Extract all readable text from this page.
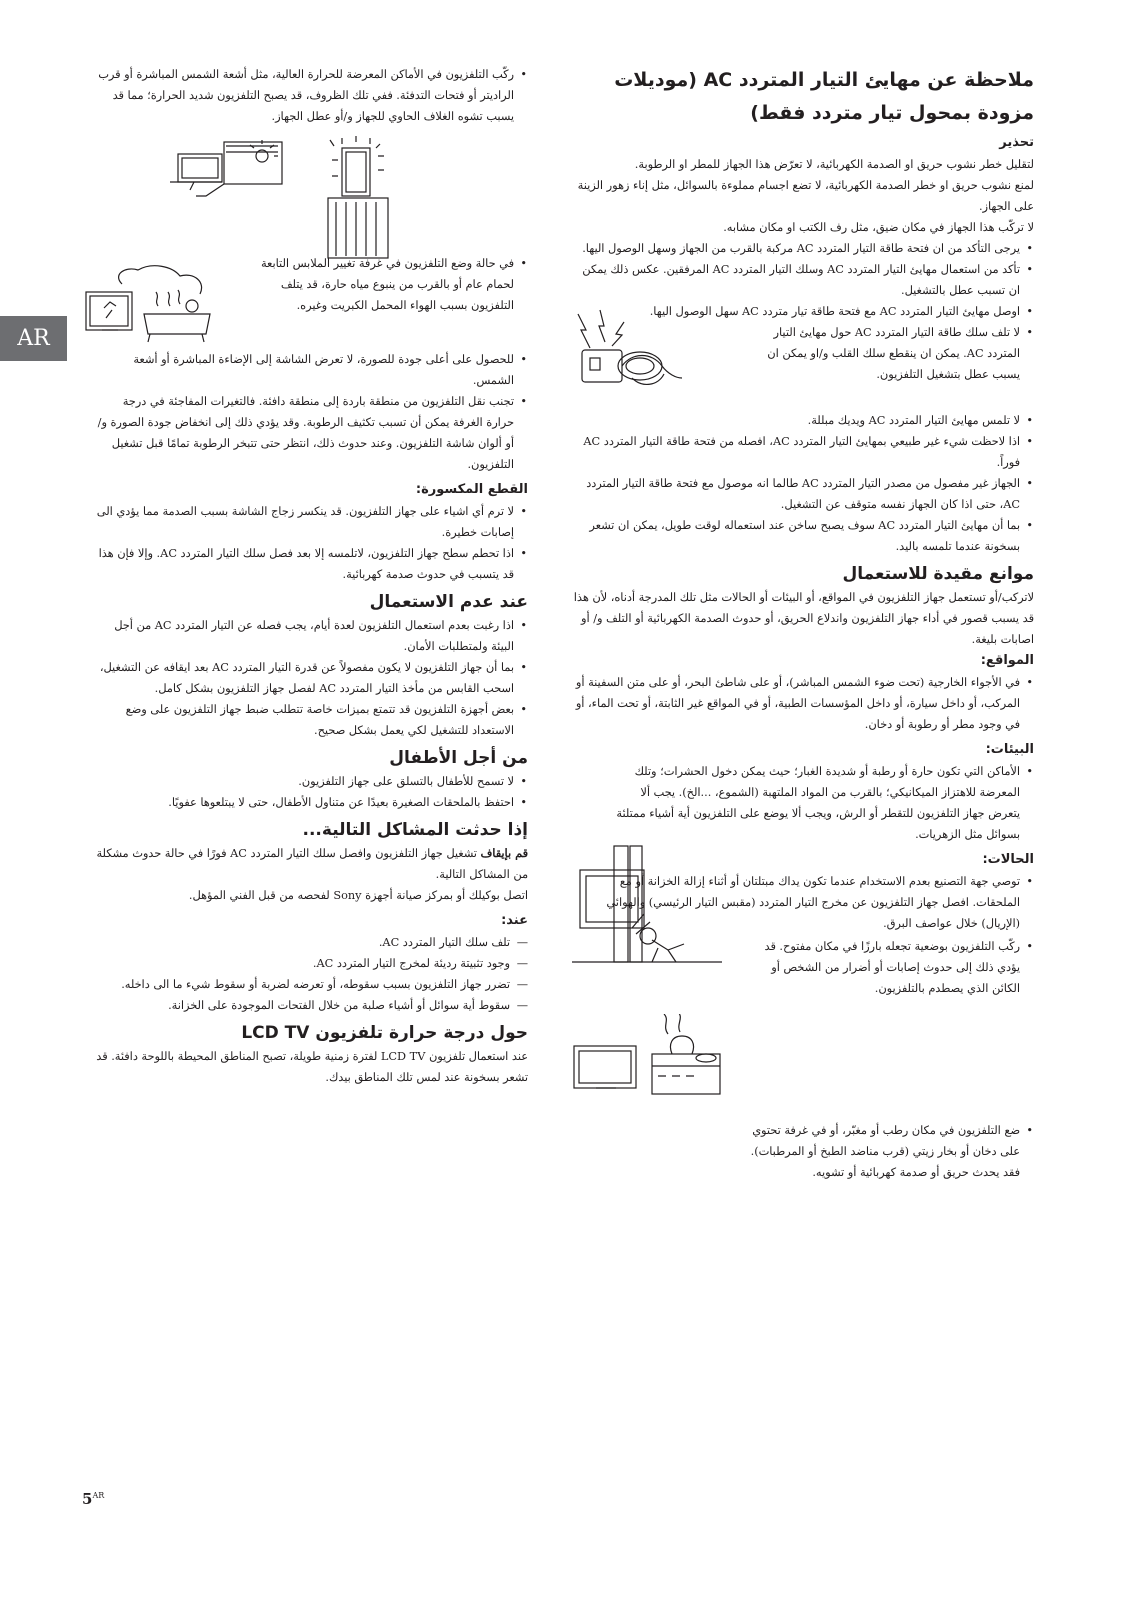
AR
ملاحظة عن مهايئ التيار المتردد AC (موديلات مزودة بمحول تيار متردد فقط)
تحذير

لتقليل خطر نشوب حريق او الصدمة الكهربائية، لا تعرّض هذا الجهاز للمطر او الرطوبة.

لمنع نشوب حريق او خطر الصدمة الكهربائية، لا تضع اجسام مملوءة بالسوائل، مثل إناء زهور الزينة على الجهاز.

لا تركّب هذا الجهاز في مكان ضيق، مثل رف الكتب او مكان مشابه.

• يرجى التأكد من ان فتحة طاقة التيار المتردد AC مركبة بالقرب من الجهاز وسهل الوصول اليها.
• تأكد من استعمال مهايئ التيار المتردد AC وسلك التيار المتردد AC المرفقين. عكس ذلك يمكن ان تسبب عطل بالتشغيل.
• اوصل مهايئ التيار المتردد AC مع فتحة طاقة تيار متردد AC سهل الوصول اليها.
• لا تلف سلك طاقة التيار المتردد AC حول مهايئ التيار المتردد AC. يمكن ان ينقطع سلك القلب و/او يمكن ان يسبب عطل بتشغيل التلفزيون.
• لا تلمس مهايئ التيار المتردد AC ويديك مبللة.
• اذا لاحظت شيء غير طبيعي بمهايئ التيار المتردد AC، افصله من فتحة طاقة التيار المتردد AC فوراً.
• الجهاز غير مفصول من مصدر التيار المتردد AC طالما انه موصول مع فتحة طاقة التيار المتردد AC، حتى اذا كان الجهاز نفسه متوقف عن التشغيل.
• بما أن مهايئ التيار المتردد AC سوف يصبح ساخن عند استعماله لوقت طويل، يمكن ان تشعر بسخونة عندما تلمسه باليد.
موانع مقيدة للاستعمال

لاتركب/أو تستعمل جهاز التلفزيون في المواقع، أو البيئات أو الحالات مثل تلك المدرجة أدناه، لأن هذا قد يسبب قصور في أداء جهاز التلفزيون واندلاع الحريق، أو حدوث الصدمة الكهربائية أو التلف و/ أو اصابات بليغة.

المواقع:
• في الأجواء الخارجية (تحت ضوء الشمس المباشر)، أو على شاطئ البحر، أو على متن السفينة أو المركب، أو داخل سيارة، أو داخل المؤسسات الطبية، أو في المواقع غير الثابتة، أو تحت الماء، أو في وجود مطر أو رطوبة أو دخان.
البيئات:
• الأماكن التي تكون حارة أو رطبة أو شديدة الغبار؛ حيث يمكن دخول الحشرات؛ وتلك المعرضة للاهتزاز الميكانيكي؛ بالقرب من المواد الملتهبة (الشموع، ...الخ). يجب ألا يتعرض جهاز التلفزيون للتقطر أو الرش، ويجب ألا يوضع على التلفزيون أية أشياء ممتلئة بسوائل مثل الزهريات.
الحالات:
• توصي جهة التصنيع بعدم الاستخدام عندما تكون يداك مبتلتان أو أثناء إزالة الخزانة أو مع الملحقات. افصل جهاز التلفزيون عن مخرج التيار المتردد (مقبس التيار الرئيسي) والهوائي (الإريال) خلال عواصف البرق.
• ركّب التلفزيون بوضعية تجعله بارزًا في مكان مفتوح. قد يؤدي ذلك إلى حدوث إصابات أو أضرار من الشخص أو الكائن الذي يصطدم بالتلفزيون.
• ضع التلفزيون في مكان رطب أو مغبّر، أو في غرفة تحتوي على دخان أو بخار زيتي (قرب مناضد الطبخ أو المرطبات). فقد يحدث حريق أو صدمة كهربائية أو تشويه.
• ركّب التلفزيون في الأماكن المعرضة للحرارة العالية، مثل أشعة الشمس المباشرة أو قرب الراديتر أو فتحات التدفئة. ففي تلك الظروف، قد يصبح التلفزيون شديد الحرارة؛ مما قد يسبب تشوه الغلاف الحاوي للجهاز و/أو عطل الجهاز.
• في حالة وضع التلفزيون في غرفة تغيير الملابس التابعة لحمام عام أو بالقرب من ينبوع مياه حارة، قد يتلف التلفزيون بسبب الهواء المحمل الكبريت وغيره.
• للحصول على أعلى جودة للصورة، لا تعرض الشاشة إلى الإضاءة المباشرة أو أشعة الشمس.
• تجنب نقل التلفزيون من منطقة باردة إلى منطقة دافئة. فالتغيرات المفاجئة في درجة حرارة الغرفة يمكن أن تسبب تكثيف الرطوبة. وقد يؤدي ذلك إلى انخفاض جودة الصورة و/أو ألوان شاشة التلفزيون. وعند حدوث ذلك، انتظر حتى تتبخر الرطوبة تمامًا قبل تشغيل التلفزيون.
القطع المكسورة:
• لا ترم أي اشياء على جهاز التلفزيون. قد ينكسر زجاج الشاشة بسبب الصدمة مما يؤدي الى إصابات خطيرة.
• اذا تحطم سطح جهاز التلفزيون، لاتلمسه إلا بعد فصل سلك التيار المتردد AC. وإلا فإن هذا قد يتسبب في حدوث صدمة كهربائية.
عند عدم الاستعمال
• اذا رغبت بعدم استعمال التلفزيون لعدة أيام، يجب فصله عن التيار المتردد AC من أجل البيئة ولمتطلبات الأمان.
• بما أن جهاز التلفزيون لا يكون مفصولاً عن قدرة التيار المتردد AC بعد ايقافه عن التشغيل، اسحب القابس من مأخذ التيار المتردد AC لفصل جهاز التلفزيون بشكل كامل.
• بعض أجهزة التلفزيون قد تتمتع بميزات خاصة تتطلب ضبط جهاز التلفزيون على وضع الاستعداد للتشغيل لكي يعمل بشكل صحيح.
من أجل الأطفال
• لا تسمح للأطفال بالتسلق على جهاز التلفزيون.
• احتفظ بالملحقات الصغيرة بعيدًا عن متناول الأطفال، حتى لا يبتلعوها عفويًا.
إذا حدثت المشاكل التالية...

قم بإيقاف تشغيل جهاز التلفزيون وافصل سلك التيار المتردد AC فورًا في حالة حدوث مشكلة من المشاكل التالية.

اتصل بوكيلك أو بمركز صيانة أجهزة Sony لفحصه من قبل الفني المؤهل.

عند:
— تلف سلك التيار المتردد AC.
— وجود تثبيتة رديئة لمخرج التيار المتردد AC.
— تضرر جهاز التلفزيون بسبب سقوطه، أو تعرضه لضربة أو سقوط شيء ما الى داخله.
— سقوط أية سوائل أو أشياء صلبة من خلال الفتحات الموجودة على الخزانة.
حول درجة حرارة تلفزيون LCD TV

عند استعمال تلفزيون LCD TV لفترة زمنية طويلة، تصبح المناطق المحيطة باللوحة دافئة. قد تشعر بسخونة عند لمس تلك المناطق بيدك.

$5^{AR}$
